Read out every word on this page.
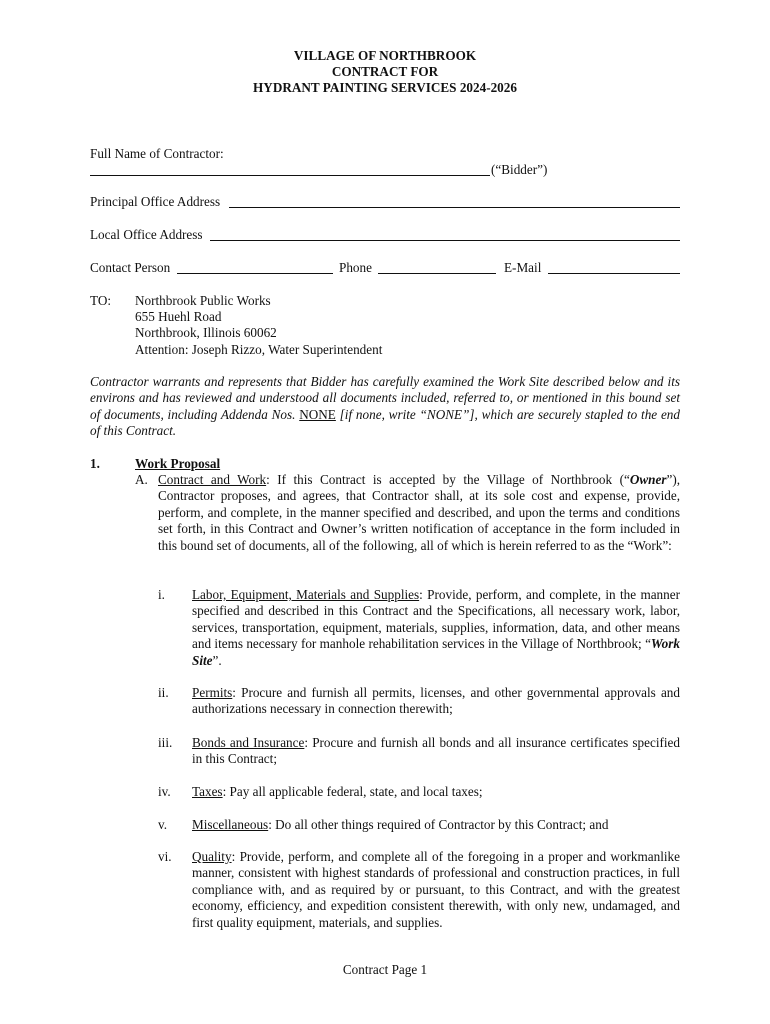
VILLAGE OF NORTHBROOK
CONTRACT FOR
HYDRANT PAINTING SERVICES 2024-2026
Full Name of Contractor:
(“Bidder”)
Principal Office Address
Local Office Address
Contact Person	Phone	E-Mail
TO: Northbrook Public Works
655 Huehl Road
Northbrook, Illinois 60062
Attention: Joseph Rizzo, Water Superintendent
Contractor warrants and represents that Bidder has carefully examined the Work Site described below and its environs and has reviewed and understood all documents included, referred to, or mentioned in this bound set of documents, including Addenda Nos. NONE [if none, write “NONE”], which are securely stapled to the end of this Contract.
1.	Work Proposal
A. Contract and Work: If this Contract is accepted by the Village of Northbrook (“Owner”), Contractor proposes, and agrees, that Contractor shall, at its sole cost and expense, provide, perform, and complete, in the manner specified and described, and upon the terms and conditions set forth, in this Contract and Owner’s written notification of acceptance in the form included in this bound set of documents, all of the following, all of which is herein referred to as the “Work”:
i.	Labor, Equipment, Materials and Supplies: Provide, perform, and complete, in the manner specified and described in this Contract and the Specifications, all necessary work, labor, services, transportation, equipment, materials, supplies, information, data, and other means and items necessary for manhole rehabilitation services in the Village of Northbrook; “Work Site”.
ii.	Permits: Procure and furnish all permits, licenses, and other governmental approvals and authorizations necessary in connection therewith;
iii.	Bonds and Insurance: Procure and furnish all bonds and all insurance certificates specified in this Contract;
iv.	Taxes: Pay all applicable federal, state, and local taxes;
v.	Miscellaneous: Do all other things required of Contractor by this Contract; and
vi.	Quality: Provide, perform, and complete all of the foregoing in a proper and workmanlike manner, consistent with highest standards of professional and construction practices, in full compliance with, and as required by or pursuant, to this Contract, and with the greatest economy, efficiency, and expedition consistent therewith, with only new, undamaged, and first quality equipment, materials, and supplies.
Contract Page 1
